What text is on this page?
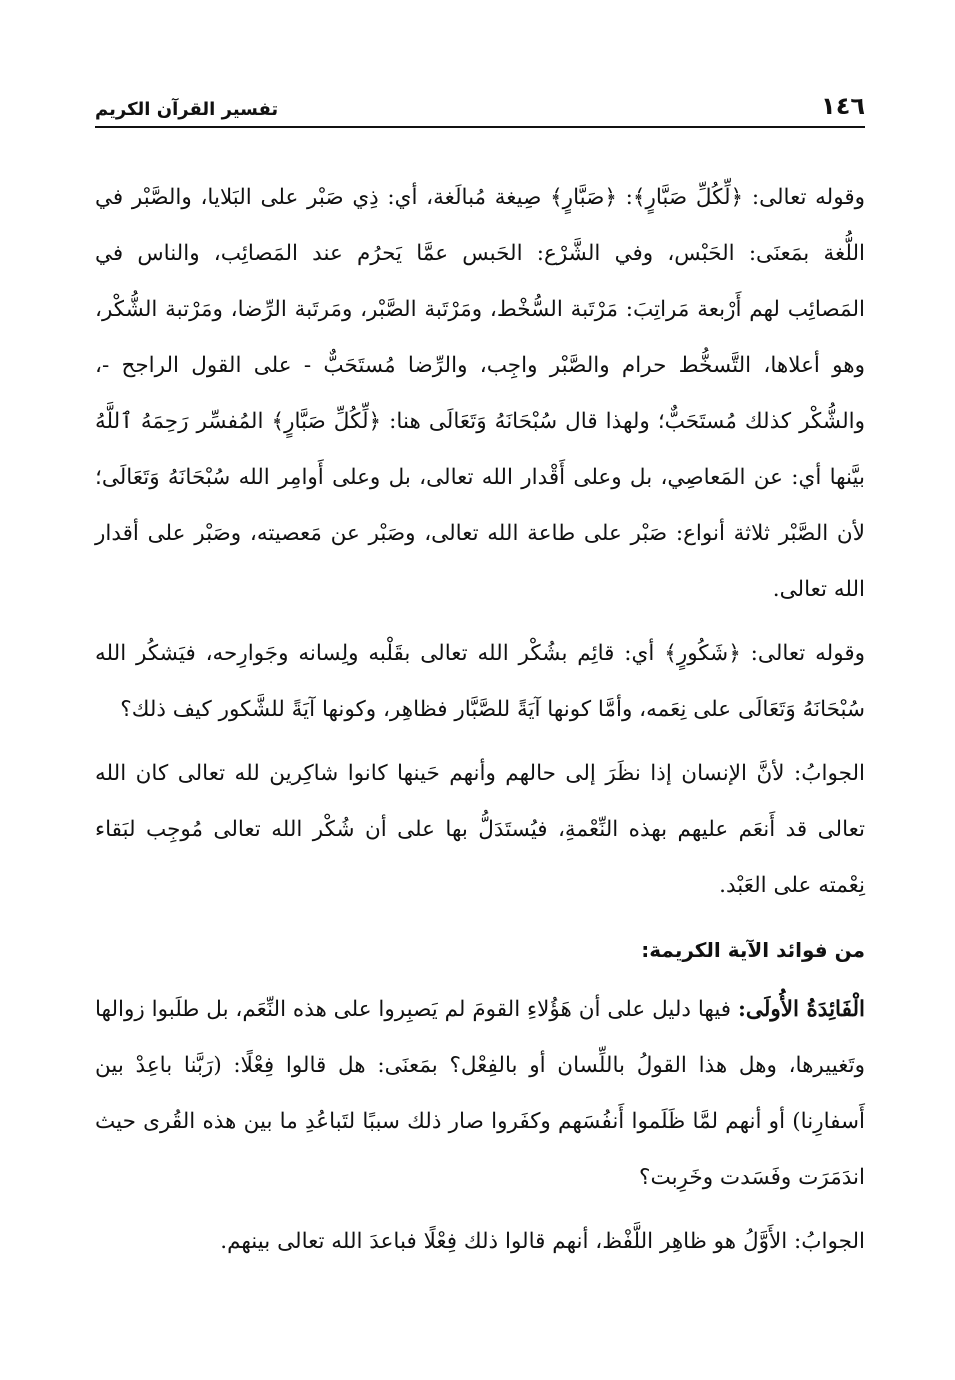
١٤٦
تفسير القرآن الكريم

وقوله تعالى: ﴿لِّكُلِّ صَبَّارٍ﴾: ﴿صَبَّارٍ﴾ صِيغة مُبالَغة، أي: ذِي صَبْر على البَلايا، والصَّبْر في اللُّغة بمَعنَى: الحَبْس، وفي الشَّرْع: الحَبس عمَّا يَحرُم عند المَصائِب، والناس في المَصائِب لهم أَرْبعة مَراتِبَ: مَرْتَبة السُّخْط، ومَرْتَبة الصَّبْر، ومَرتَبة الرِّضا، ومَرْتبة الشُّكْر، وهو أعلاها، التَّسخُّط حرام والصَّبْر واجِب، والرِّضا مُستَحَبٌّ - على القول الراجح -، والشُّكْر كذلك مُستَحَبٌّ؛ ولهذا قال سُبْحَانَهُ وَتَعَالَى هنا: ﴿لِّكُلِّ صَبَّارٍ﴾ المُفسِّر رَحِمَهُ ٱللَّهُ بيَّنها أي: عن المَعاصِي، بل وعلى أَقْدار الله تعالى، بل وعلى أَوامِر الله سُبْحَانَهُ وَتَعَالَى؛ لأن الصَّبْر ثلاثة أنواع: صَبْر على طاعة الله تعالى، وصَبْر عن مَعصيته، وصَبْر على أقدار الله تعالى.

وقوله تعالى: ﴿شَكُورٍ﴾ أي: قائِم بشُكْر الله تعالى بقَلْبه ولِسانه وجَوارِحه، فيَشكُر الله سُبْحَانَهُ وَتَعَالَى على نِعَمه، وأمَّا كونها آيَةً للصَّبَّار فظاهِر، وكونها آيَةً للشَّكور كيف ذلك؟

الجوابُ: لأنَّ الإنسان إذا نظَرَ إلى حالهم وأنهم حَينها كانوا شاكِرين لله تعالى كان الله تعالى قد أَنعَم عليهم بهذه النِّعْمةِ، فيُستَدَلُّ بها على أن شُكْر الله تعالى مُوجِب لبَقاء نِعْمته على العَبْد.

من فوائد الآية الكريمة:

الْفَائِدَةُ الأُولَى: فيها دليل على أن هَؤُلاءِ القومَ لم يَصبِروا على هذه النِّعَم، بل طلَبوا زوالها وتَغييرها، وهل هذا القولُ باللِّسان أو بالفِعْل؟ بمَعنَى: هل قالوا فِعْلًا: (رَبَّنا باعِدْ بين أَسفارِنا) أو أنهم لمَّا ظَلَموا أَنفُسَهم وكفَروا صار ذلك سببًا لتَباعُدِ ما بين هذه القُرى حيث اندَمَرَت وفَسَدت وخَرِبت؟

الجوابُ: الأَوَّلُ هو ظاهِر اللَّفْظ، أنهم قالوا ذلك فِعْلًا فباعدَ الله تعالى بينهم.
